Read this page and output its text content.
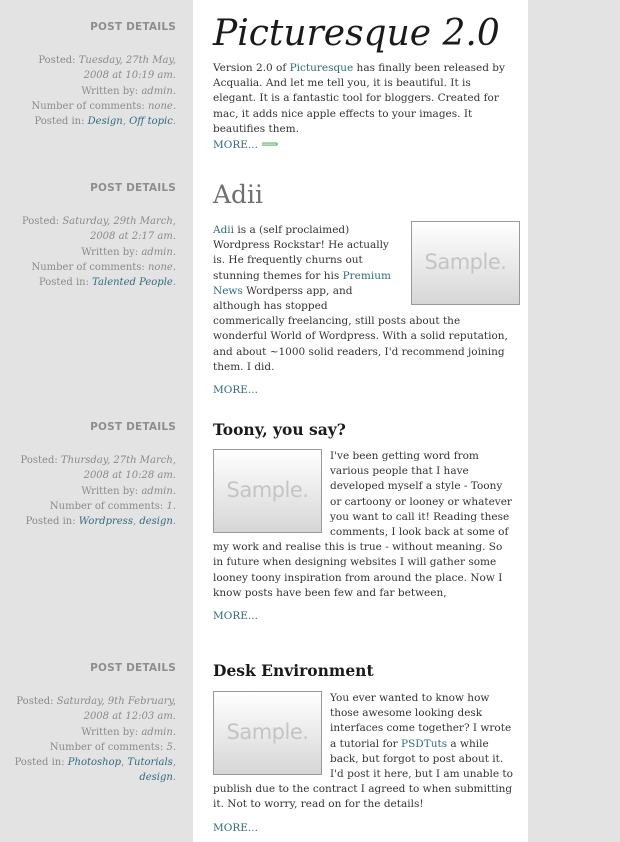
POST DETAILS
Posted: Tuesday, 27th May,
2008 at 10:19 am.
Written by: admin.
Number of comments: none.
Posted in: Design, Off topic.
Picturesque 2.0
Version 2.0 of Picturesque has finally been released by Acqualia. And let me tell you, it is beautiful. It is elegant. It is a fantastic tool for bloggers. Created for mac, it adds nice apple effects to your images. It beautifies them.
MORE... ⟹
POST DETAILS
Posted: Saturday, 29th March,
2008 at 2:17 am.
Written by: admin.
Number of comments: none.
Posted in: Talented People.
Adii
Sample.
Adii is a (self proclaimed) Wordpress Rockstar! He actually is. He frequently churns out stunning themes for his Premium News Wordperss app, and although has stopped commerically freelancing, still posts about the wonderful World of Wordpress. With a solid reputation, and about ~1000 solid readers, I'd recommend joining them. I did.
MORE...
POST DETAILS
Posted: Thursday, 27th March,
2008 at 10:28 am.
Written by: admin.
Number of comments: 1.
Posted in: Wordpress, design.
Toony, you say?
Sample.
I've been getting word from various people that I have developed myself a style - Toony or cartoony or looney or whatever you want to call it! Reading these comments, I look back at some of my work and realise this is true - without meaning. So in future when designing websites I will gather some looney toony inspiration from around the place. Now I know posts have been few and far between,
MORE...
POST DETAILS
Posted: Saturday, 9th February,
2008 at 12:03 am.
Written by: admin.
Number of comments: 5.
Posted in: Photoshop, Tutorials,
design.
Desk Environment
Sample.
You ever wanted to know how those awesome looking desk interfaces come together? I wrote a tutorial for PSDTuts a while back, but forgot to post about it. I'd post it here, but I am unable to publish due to the contract I agreed to when submitting it. Not to worry, read on for the details!
MORE...
